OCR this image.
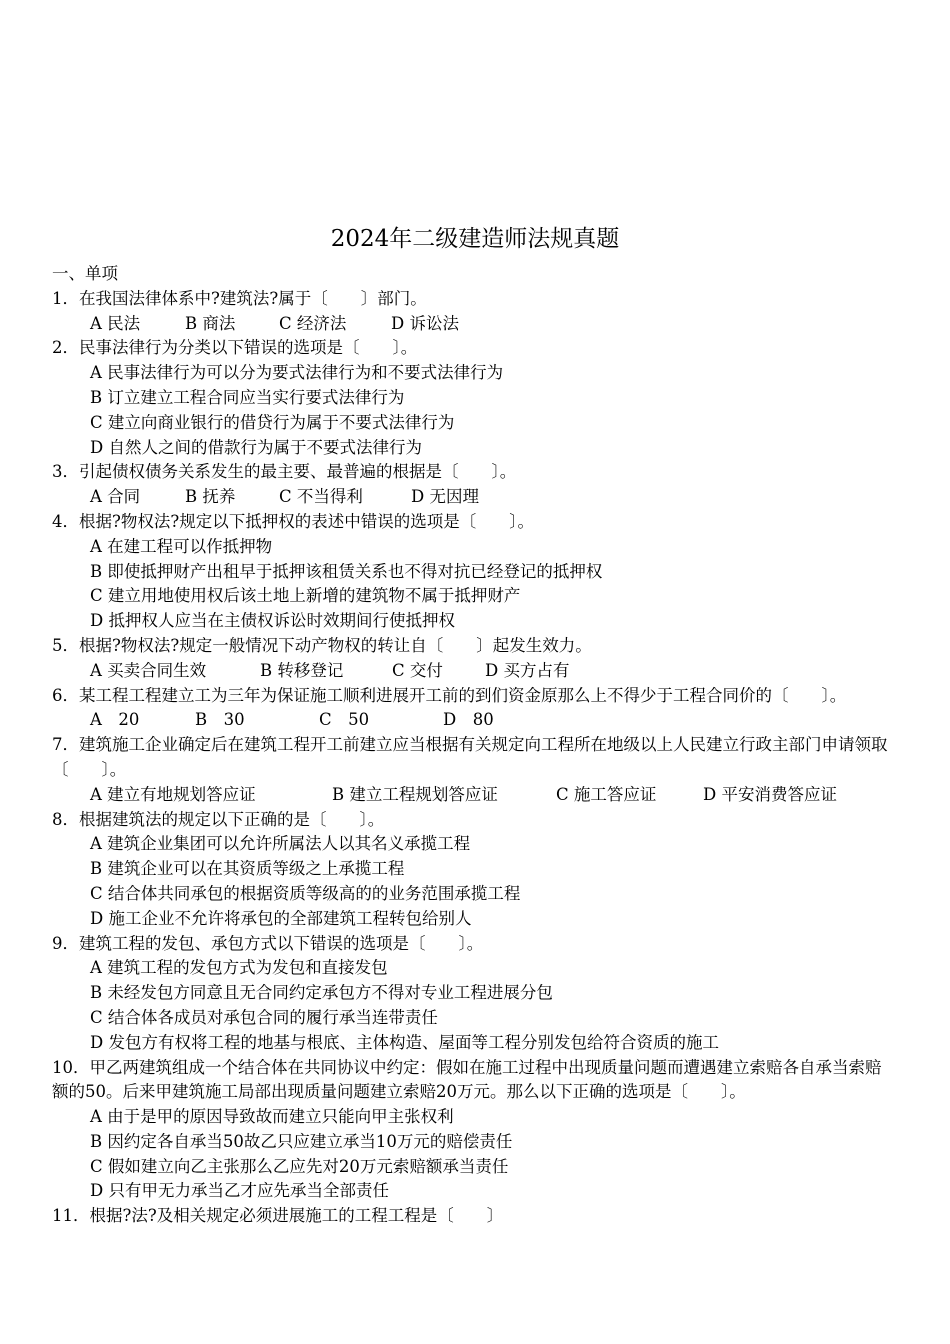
2024年二级建造师法规真题
一、单项
1．在我国法律体系中?建筑法?属于〔　　〕部门。
A 民法	B 商法	C 经济法	D 诉讼法
2．民事法律行为分类以下错误的选项是〔　　〕。
A 民事法律行为可以分为要式法律行为和不要式法律行为
B 订立建立工程合同应当实行要式法律行为
C 建立向商业银行的借贷行为属于不要式法律行为
D 自然人之间的借款行为属于不要式法律行为
3．引起债权债务关系发生的最主要、最普遍的根据是〔　　〕。
A 合同	B 抚养	C 不当得利	D 无因理
4．根据?物权法?规定以下抵押权的表述中错误的选项是〔　　〕。
A 在建工程可以作抵押物
B 即使抵押财产出租早于抵押该租赁关系也不得对抗已经登记的抵押权
C 建立用地使用权后该土地上新增的建筑物不属于抵押财产
D 抵押权人应当在主债权诉讼时效期间行使抵押权
5．根据?物权法?规定一般情况下动产物权的转让自〔　　〕起发生效力。
A 买卖合同生效	B 转移登记	C 交付	D 买方占有
6．某工程工程建立工为三年为保证施工顺利进展开工前的到们资金原那么上不得少于工程合同价的〔　　〕。
A　20	B　30	C　50	D　80
7．建筑施工企业确定后在建筑工程开工前建立应当根据有关规定向工程所在地级以上人民建立行政主部门申请领取〔　　〕。
A 建立有地规划答应证	B 建立工程规划答应证	C 施工答应证	D 平安消费答应证
8．根据建筑法的规定以下正确的是〔　　〕。
A 建筑企业集团可以允许所属法人以其名义承揽工程
B 建筑企业可以在其资质等级之上承揽工程
C 结合体共同承包的根据资质等级高的的业务范围承揽工程
D 施工企业不允许将承包的全部建筑工程转包给别人
9．建筑工程的发包、承包方式以下错误的选项是〔　　〕。
A 建筑工程的发包方式为发包和直接发包
B 未经发包方同意且无合同约定承包方不得对专业工程进展分包
C 结合体各成员对承包合同的履行承当连带责任
D 发包方有权将工程的地基与根底、主体构造、屋面等工程分别发包给符合资质的施工
10．甲乙两建筑组成一个结合体在共同协议中约定：假如在施工过程中出现质量问题而遭遇建立索赔各自承当索赔额的50。后来甲建筑施工局部出现质量问题建立索赔20万元。那么以下正确的选项是〔　　〕。
A 由于是甲的原因导致故而建立只能向甲主张权利
B 因约定各自承当50故乙只应建立承当10万元的赔偿责任
C 假如建立向乙主张那么乙应先对20万元索赔额承当责任
D 只有甲无力承当乙才应先承当全部责任
11．根据?法?及相关规定必须进展施工的工程工程是〔　　〕
